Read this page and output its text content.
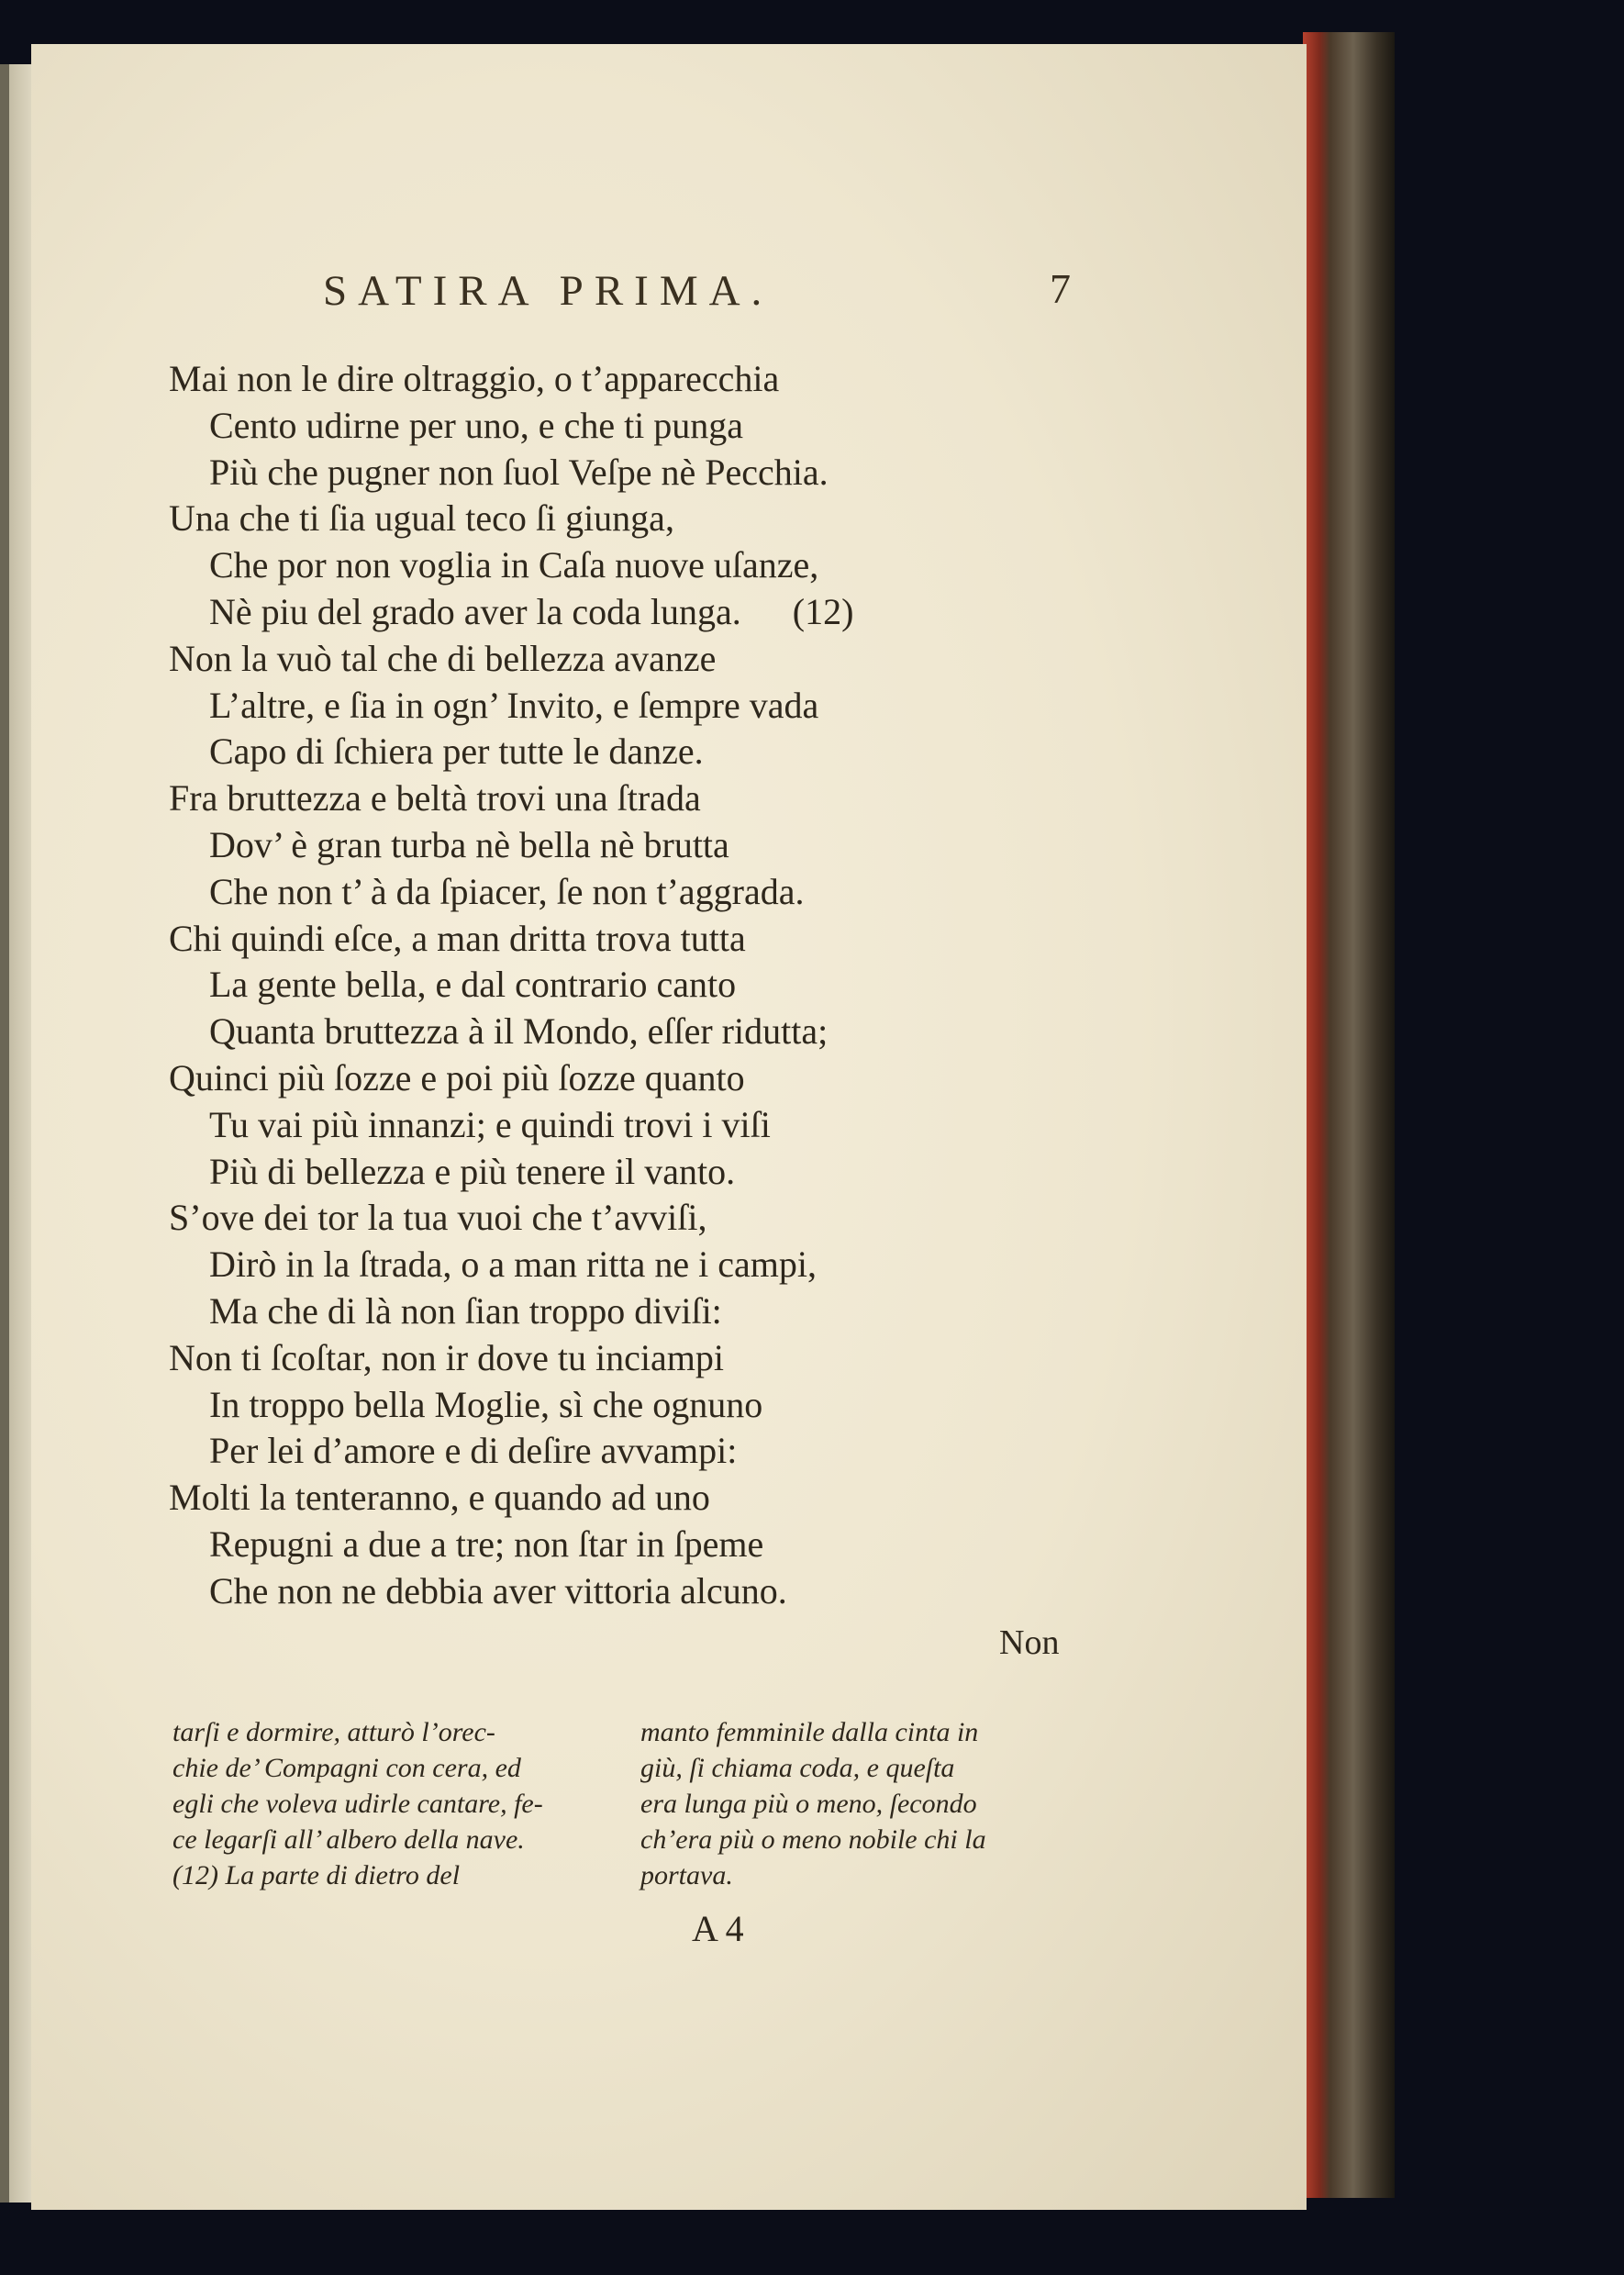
SATIRA PRIMA.	7
Mai non le dire oltraggio, o t’apparecchia
Cento udirne per uno, e che ti punga
Più che pugner non ſuol Veſpe nè Pecchia.
Una che ti ſia ugual teco ſi giunga,
Che por non voglia in Caſa nuove uſanze,
Nè piu del grado aver la coda lunga. (12)
Non la vuò tal che di bellezza avanze
L’altre, e ſia in ogn’ Invito, e ſempre vada
Capo di ſchiera per tutte le danze.
Fra bruttezza e beltà trovi una ſtrada
Dov’ è gran turba nè bella nè brutta
Che non t’ à da ſpiacer, ſe non t’aggrada.
Chi quindi eſce, a man dritta trova tutta
La gente bella, e dal contrario canto
Quanta bruttezza à il Mondo, eſſer ridutta;
Quinci più ſozze e poi più ſozze quanto
Tu vai più innanzi; e quindi trovi i viſi
Più di bellezza e più tenere il vanto.
S’ove dei tor la tua vuoi che t’avviſi,
Dirò in la ſtrada, o a man ritta ne i campi,
Ma che di là non ſian troppo diviſi:
Non ti ſcoſtar, non ir dove tu inciampi
In troppo bella Moglie, sì che ognuno
Per lei d’amore e di deſire avvampi:
Molti la tenteranno, e quando ad uno
Repugni a due a tre; non ſtar in ſpeme
Che non ne debbia aver vittoria alcuno.
Non
tarſi e dormire, atturò l’orec-
chie de’ Compagni con cera, ed
egli che voleva udirle cantare, fe-
ce legarſi all’ albero della nave.
(12) La parte di dietro del
manto femminile dalla cinta in
giù, ſi chiama coda, e queſta
era lunga più o meno, ſecondo
ch’era più o meno nobile chi la
portava.
A 4
